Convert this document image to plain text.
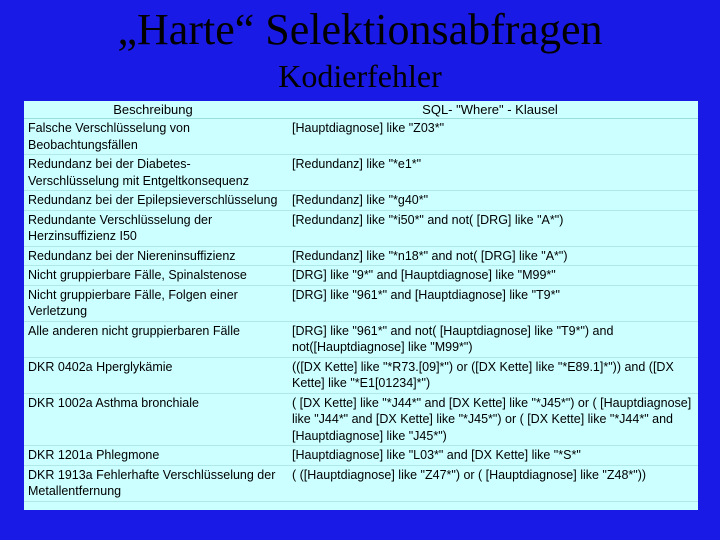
„Harte“ Selektionsabfragen
Kodierfehler
Beschreibung	SQL- "Where" - Klausel
Falsche Verschlüsselung von Beobachtungsfällen	[Hauptdiagnose] like "Z03*"
Redundanz bei der Diabetes-Verschlüsselung mit Entgeltkonsequenz	[Redundanz] like "*e1*"
Redundanz bei der Epilepsieverschlüsselung	[Redundanz] like "*g40*"
Redundante Verschlüsselung der Herzinsuffizienz I50	[Redundanz] like "*i50*" and not( [DRG] like "A*")
Redundanz bei der Niereninsuffizienz	[Redundanz] like "*n18*" and not( [DRG] like "A*")
Nicht gruppierbare Fälle, Spinalstenose	[DRG] like "9*" and [Hauptdiagnose] like "M99*"
Nicht gruppierbare Fälle, Folgen einer Verletzung	[DRG] like "961*" and [Hauptdiagnose] like "T9*"
Alle anderen nicht gruppierbaren Fälle	[DRG] like "961*" and not( [Hauptdiagnose] like "T9*") and not([Hauptdiagnose] like "M99*")
DKR 0402a Hperglykämie	(([DX Kette] like "*R73.[09]*") or ([DX Kette] like "*E89.1]*")) and ([DX Kette] like "*E1[01234]*")
DKR 1002a Asthma bronchiale	( [DX Kette] like "*J44*" and [DX Kette] like "*J45*") or ( [Hauptdiagnose] like "J44*" and [DX Kette] like "*J45*") or ( [DX Kette] like "*J44*" and [Hauptdiagnose] like "J45*")
DKR 1201a Phlegmone	[Hauptdiagnose] like "L03*" and [DX Kette] like "*S*"
DKR 1913a Fehlerhafte Verschlüsselung der Metallentfernung	( ([Hauptdiagnose] like "Z47*") or ( [Hauptdiagnose] like "Z48*"))
